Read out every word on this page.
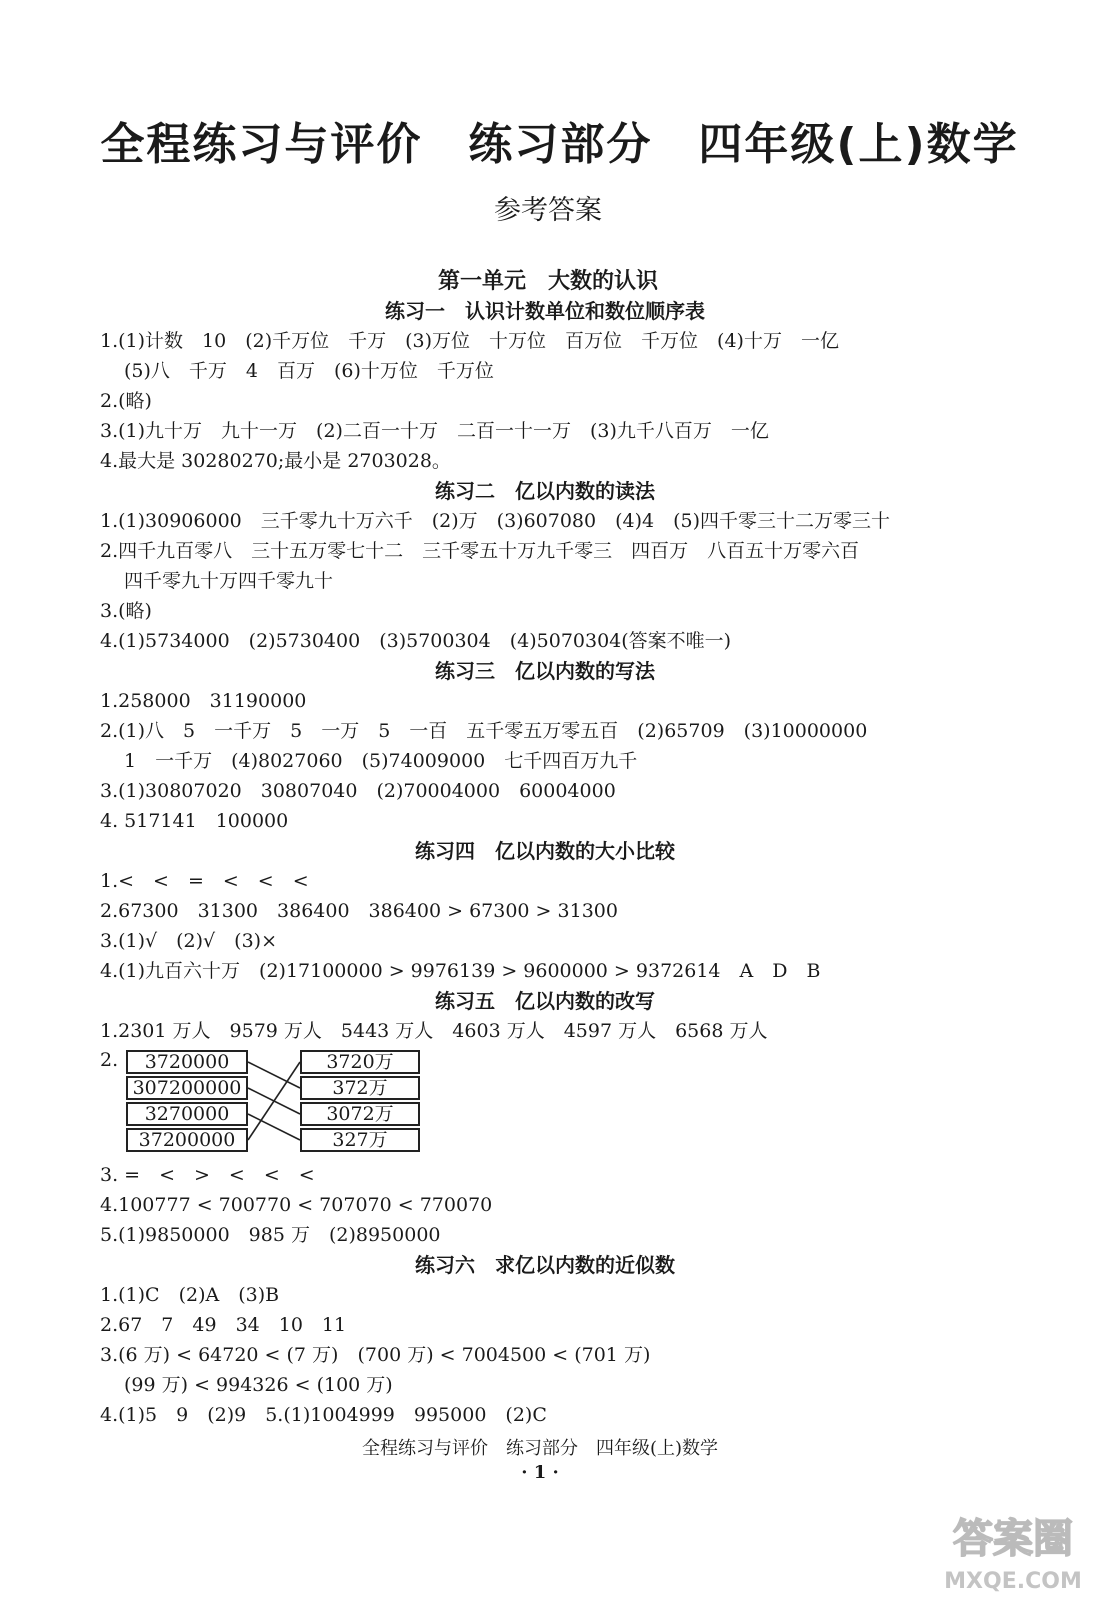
全程练习与评价　练习部分　四年级(上)数学
参考答案
第一单元　大数的认识
练习一　认识计数单位和数位顺序表
1.(1)计数　10　(2)千万位　千万　(3)万位　十万位　百万位　千万位　(4)十万　一亿
(5)八　千万　4　百万　(6)十万位　千万位
2.(略)
3.(1)九十万　九十一万　(2)二百一十万　二百一十一万　(3)九千八百万　一亿
4.最大是 30280270;最小是 2703028。
练习二　亿以内数的读法
1.(1)30906000　三千零九十万六千　(2)万　(3)607080　(4)4　(5)四千零三十二万零三十
2.四千九百零八　三十五万零七十二　三千零五十万九千零三　四百万　八百五十万零六百
四千零九十万四千零九十
3.(略)
4.(1)5734000　(2)5730400　(3)5700304　(4)5070304(答案不唯一)
练习三　亿以内数的写法
1.258000　31190000
2.(1)八　5　一千万　5　一万　5　一百　五千零五万零五百　(2)65709　(3)10000000
1　一千万　(4)8027060　(5)74009000　七千四百万九千
3.(1)30807020　30807040　(2)70004000　60004000
4. 517141　100000
练习四　亿以内数的大小比较
1.<　<　=　<　<　<
2.67300　31300　386400　386400 > 67300 > 31300
3.(1)√　(2)√　(3)×
4.(1)九百六十万　(2)17100000 > 9976139 > 9600000 > 9372614　A　D　B
练习五　亿以内数的改写
1.2301 万人　9579 万人　5443 万人　4603 万人　4597 万人　6568 万人
2.	3720000
307200000
3270000
37200000
3720万
372万
3072万
327万
3. =　<　>　<　<　<
4.100777 < 700770 < 707070 < 770070
5.(1)9850000　985 万　(2)8950000
练习六　求亿以内数的近似数
1.(1)C　(2)A　(3)B
2.67　7　49　34　10　11
3.(6 万) < 64720 < (7 万)　(700 万) < 7004500 < (701 万)
(99 万) < 994326 < (100 万)
4.(1)5　9　(2)9　5.(1)1004999　995000　(2)C
全程练习与评价　练习部分　四年级(上)数学
· 1 ·
答案圈
MXQE.COM
